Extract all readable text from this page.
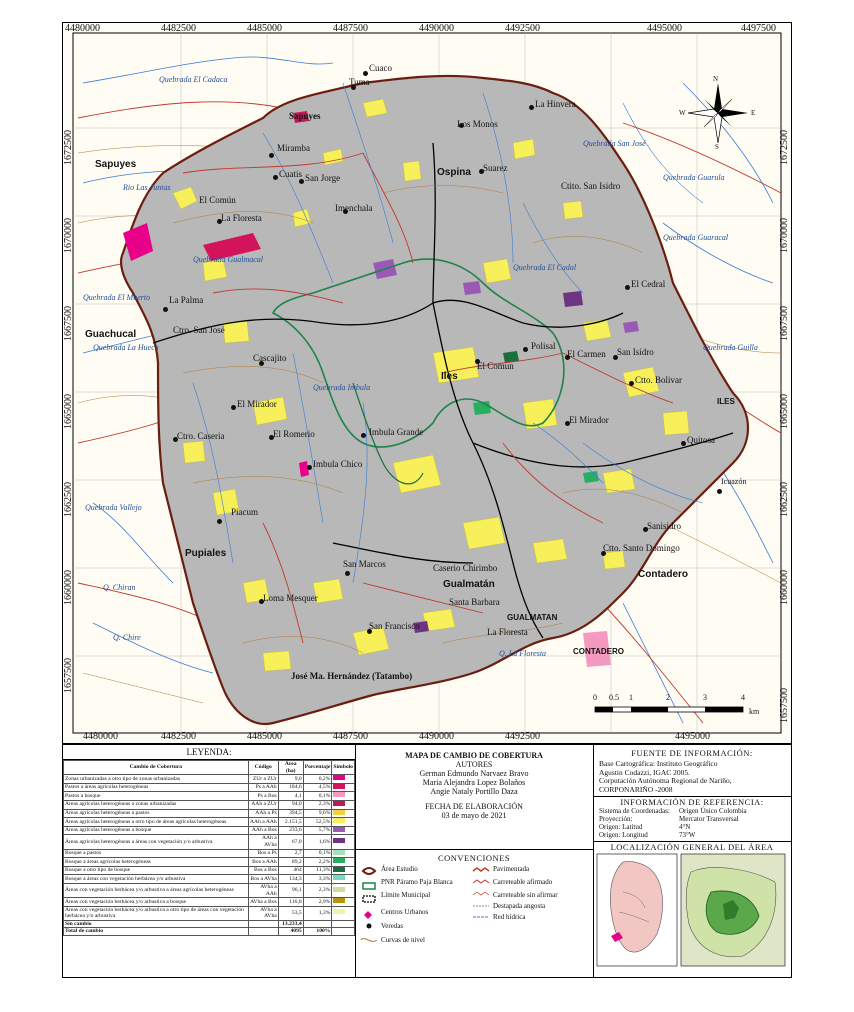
4480000	4482500	4485000	4487500	4490000	4492500	4495000	4497500
4480000	4482500	4485000	4487500	4490000	4492500	4495000
1672500
1670000
1667500
1665000
1662500
1660000
1657500
1672500
1670000
1667500
1665000
1662500
1660000
1657500
N
W	E
S
Sapuyes
Ospina
Guachucal
Iles
Pupiales
Gualmatán
Contadero
ILES
GUALMATAN
CONTADERO
Cuaco
Tuma
Sapuyes
Los Monos
La Hinvera
Miramba
Cuatis San Jorge
Suarez
Ctito. San Isidro
El Común
La Floresta
Imenchala
El Cedral
La Palma
Ctro. San José
Cascajito
El Comun
Polisal
El Carmen San Isidro
Ctto. Bolivar
El Mirador
El Mirador
Ctro. Caseria	El Romerio	Imbula Grande
Quitosa
Imbula Chico
Icuazón
Piacum
Sanisidro
Ctto. Santo Domingo
San Marcos	Caserio Chirimbo
Santa Barbara
Loma Mesquer
San Francisco
La Floresta
José Ma. Hernández (Tatambo)
0 0.5 1	2	3	4
km
Quebrada El Cadaca
Quebrada San José
Quebrada Guarula
Rio Las Juntas
Quebrada Gualmacal
Quebrada El Cadal
Quebrada Guaracal
Quebrada El Muerto
Quebrada La Hueca
Quebrada Imbula
Quebrada Vallejo
Q. Chiran
Q. Chire
Quebrada Guilla
Q. La Floresta
LEYENDA:
Cambio de Cobertura	Código	Área (ha)	Porcentaje	Símbolo
Zonas urbanizadas a otro tipo de zonas urbanizadas	ZUr a ZUr	9,0	0,2%	
Pastos a áreas agrícolas heterogéneas	Ps a AAh	184,6	4,5%	
Pastos a bosque	Ps a Bos	4,1	0,1%	
Áreas agrícolas heterogéneas a zonas urbanizadas	AAh a ZUr	94,0	2,3%	
Áreas agrícolas heterogéneas a pastos	AAh a Ps	394,5	9,6%	
Áreas agrícolas heterogéneas a otro tipo de áreas agrícolas heterogéneas	AAh a AAh	2.151,5	52,5%	
Áreas agrícolas heterogéneas a bosque	AAh a Bos	233,6	5,7%	
Áreas agrícolas heterogéneas a áreas con vegetación y/o arbustiva	AAh a AVha	67,0	1,6%	
Bosque a pastos	Bos a Ps	2,7	0,1%	
Bosque a áreas agrícolas heterogéneas	Bos a AAh	89,2	2,2%	
Bosque a otro tipo de bosque	Bos a Bos	464	11,3%	
Bosque a áreas con vegetación herbácea y/o arbustiva	Bos a AVha	134,3	3,3%	
Áreas con vegetación herbácea y/o arbustiva a áreas agrícolas heterogéneas	AVha a AAh	96,1	2,3%	
Áreas con vegetación herbácea y/o arbustiva a bosque	AVha a Bos	116,8	2,9%	
Áreas con vegetación herbácea y/o arbustiva a otro tipo de áreas con vegetación herbácea y/o arbustiva	AVha a AVha	53,5	1,3%	
Sin cambio		13.233,4		
Total de cambio		4095	100%	
MAPA DE CAMBIO DE COBERTURA
AUTORES
German Edmundo Narvaez Bravo
Maria Alejandra Lopez Bolaños
Angie Nataly Portillo Daza
FECHA DE ELABORACIÓN
03 de mayo de 2021
CONVENCIONES
Área Estudio
PNR Páramo Paja Blanca
Límite Municipal
Centros Urbanos
Veredas
Curvas de nivel
Pavimentada
Carreteable afirmado
Carreteable sin afirmar
Destapada angosta
Red hídrica
FUENTE DE INFORMACIÓN:
Base Cartográfica: Instituto Geográfico
Agustin Codazzi, IGAC 2005.
Corputación Autónoma Regional de Nariño,
CORPONARIÑO -2008
INFORMACIÓN DE REFERENCIA:
Sistema de Coordenadas:	Origen Único Colombia
Proyección:	Mercator Transversal
Origen: Latitud	4°N
Origen: Longitud	73°W
LOCALIZACIÓN GENERAL DEL ÁREA
